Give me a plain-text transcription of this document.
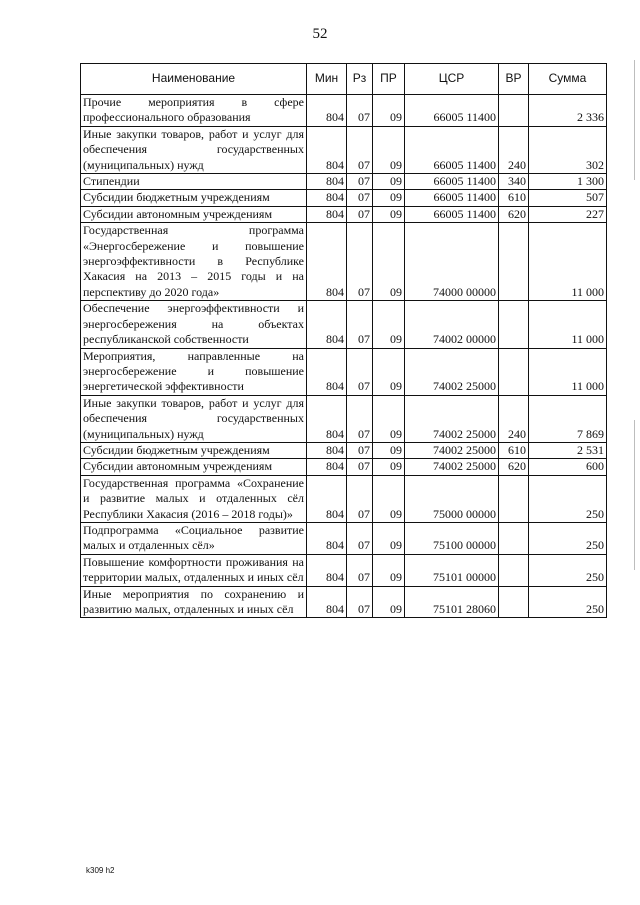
52
Наименование	Мин	Рз	ПР	ЦСР	ВР	Сумма
Прочие мероприятия в сфере профессионального образования	804	07	09	66005 11400		2 336
Иные закупки товаров, работ и услуг для обеспечения государственных (муниципальных) нужд	804	07	09	66005 11400	240	302
Стипендии	804	07	09	66005 11400	340	1 300
Субсидии бюджетным учреждениям	804	07	09	66005 11400	610	507
Субсидии автономным учреждениям	804	07	09	66005 11400	620	227
Государственная программа «Энергосбережение и повышение энергоэффективности в Республике Хакасия на 2013 – 2015 годы и на перспективу до 2020 года»	804	07	09	74000 00000		11 000
Обеспечение энергоэффективности и энергосбережения на объектах республиканской собственности	804	07	09	74002 00000		11 000
Мероприятия, направленные на энергосбережение и повышение энергетической эффективности	804	07	09	74002 25000		11 000
Иные закупки товаров, работ и услуг для обеспечения государственных (муниципальных) нужд	804	07	09	74002 25000	240	7 869
Субсидии бюджетным учреждениям	804	07	09	74002 25000	610	2 531
Субсидии автономным учреждениям	804	07	09	74002 25000	620	600
Государственная программа «Сохранение и развитие малых и отдаленных сёл Республики Хакасия (2016 – 2018 годы)»	804	07	09	75000 00000		250
Подпрограмма «Социальное развитие малых и отдаленных сёл»	804	07	09	75100 00000		250
Повышение комфортности проживания на территории малых, отдаленных и иных сёл	804	07	09	75101 00000		250
Иные мероприятия по сохранению и развитию малых, отдаленных и иных сёл	804	07	09	75101 28060		250
k309 h2
